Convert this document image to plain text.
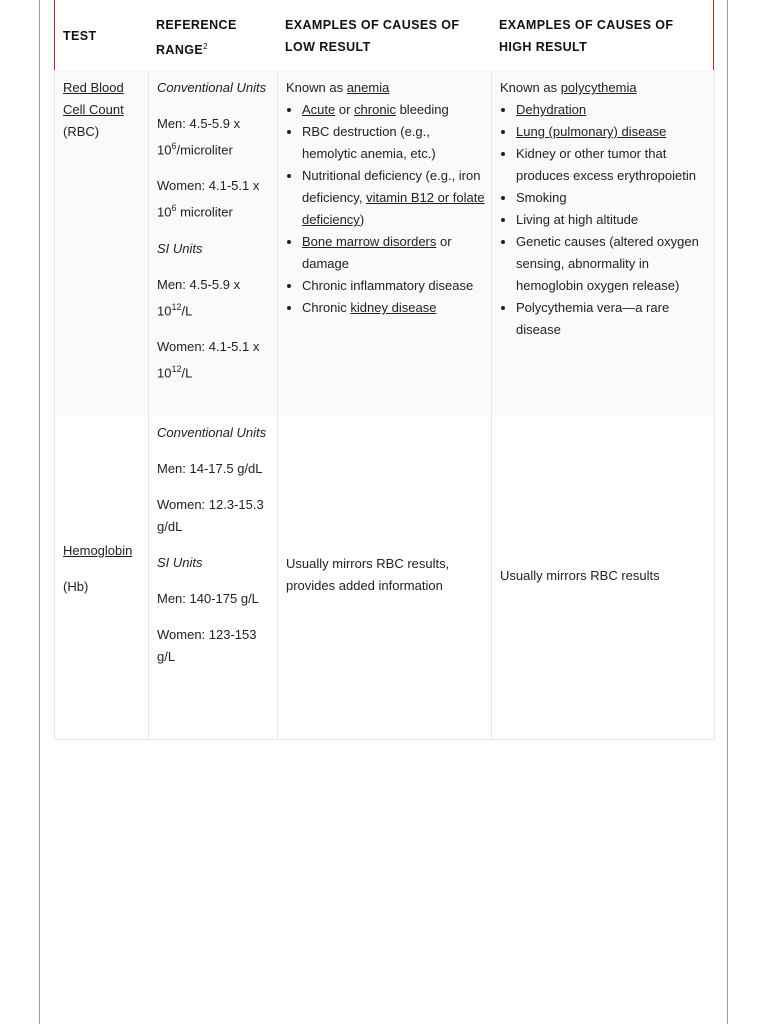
TEST
REFERENCE RANGE$^2$
EXAMPLES OF CAUSES OF LOW RESULT
EXAMPLES OF CAUSES OF HIGH RESULT
Red Blood Cell Count (RBC)
Conventional Units
Men: 4.5-5.9 x $10^6$/microliter
Women: 4.1-5.1 x $10^6$ microliter
SI Units
Men: 4.5-5.9 x $10^{12}/L$
Women: 4.1-5.1 x $10^{12}/L$
Known as anemia
• Acute or chronic bleeding
• RBC destruction (e.g., hemolytic anemia, etc.)
• Nutritional deficiency (e.g., iron deficiency, vitamin B12 or folate deficiency)
• Bone marrow disorders or damage
• Chronic inflammatory disease
• Chronic kidney disease
Known as polycythemia
• Dehydration
• Lung (pulmonary) disease
• Kidney or other tumor that produces excess erythropoietin
• Smoking
• Living at high altitude
• Genetic causes (altered oxygen sensing, abnormality in hemoglobin oxygen release)
• Polycythemia vera—a rare disease
Hemoglobin
(Hb)
Conventional Units
Men: 14-17.5 g/dL
Women: 12.3-15.3 g/dL
SI Units
Men: 140-175 g/L
Women: 123-153 g/L
Usually mirrors RBC results, provides added information
Usually mirrors RBC results
